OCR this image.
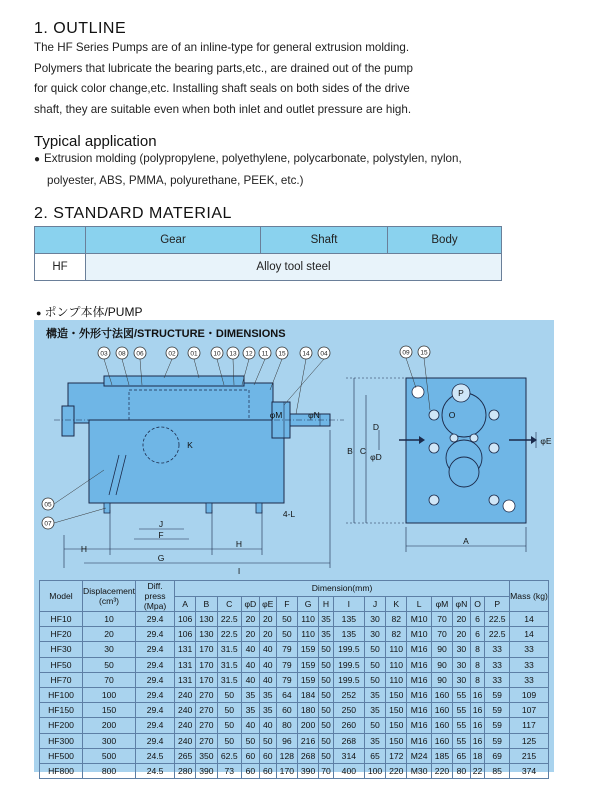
1. OUTLINE
The HF Series Pumps are of an inline-type for general extrusion molding.
Polymers that lubricate the bearing parts,etc., are drained out of the pump
for quick color change,etc. Installing shaft seals on both sides of the drive
shaft, they are suitable even when both inlet and outlet pressure are high.
Typical application
● Extrusion molding (polypropylene, polyethylene, polycarbonate, polystylen, nylon,
polyester, ABS, PMMA, polyurethane, PEEK, etc.)
2. STANDARD MATERIAL
	Gear	Shaft	Body
HF	Alloy tool steel		
● ポンプ本体/PUMP
構造・外形寸法図/STRUCTURE・DIMENSIONS
03 08 06	02 01 10 13 12 11 15	14 04
05
07
H
G
H
I
J
F
K
φM	φN
4-L
09 15
A
B C
D
φD
φE
O
P
Model	Displacement (cm³)	Diff. press (Mpa)	Dimension(mm)																Mass (kg)
			A	B	C	φD	φE	F	G	H	I	J	K	L	φM	φN	O	P	
HF10	10	29.4	106	130	22.5	20	20	50	110	35	135	30	82	M10	70	20	6	22.5	14
HF20	20	29.4	106	130	22.5	20	20	50	110	35	135	30	82	M10	70	20	6	22.5	14
HF30	30	29.4	131	170	31.5	40	40	79	159	50	199.5	50	110	M16	90	30	8	33	33
HF50	50	29.4	131	170	31.5	40	40	79	159	50	199.5	50	110	M16	90	30	8	33	33
HF70	70	29.4	131	170	31.5	40	40	79	159	50	199.5	50	110	M16	90	30	8	33	33
HF100	100	29.4	240	270	50	35	35	64	184	50	252	35	150	M16	160	55	16	59	109
HF150	150	29.4	240	270	50	35	35	60	180	50	250	35	150	M16	160	55	16	59	107
HF200	200	29.4	240	270	50	40	40	80	200	50	260	50	150	M16	160	55	16	59	117
HF300	300	29.4	240	270	50	50	50	96	216	50	268	35	150	M16	160	55	16	59	125
HF500	500	24.5	265	350	62.5	60	60	128	268	50	314	65	172	M24	185	65	18	69	215
HF800	800	24.5	280	390	73	60	60	170	390	70	400	100	220	M30	220	80	22	85	374
